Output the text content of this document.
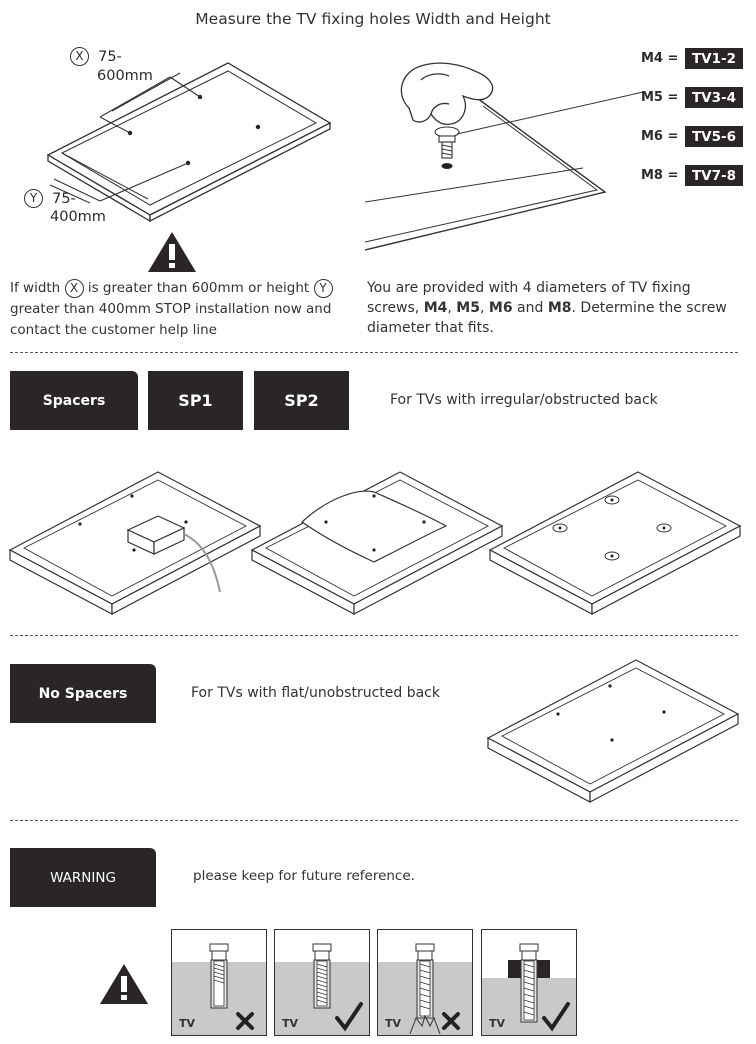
Measure the TV fixing holes Width and Height
X 75-
600mm
Y 75-
400mm
If width X is greater than 600mm or height Y
greater than 400mm STOP installation now and
contact the customer help line
M4 =	TV1-2
M5 =	TV3-4
M6 =	TV5-6
M8 =	TV7-8
You are provided with 4 diameters of TV fixing
screws, M4, M5, M6 and M8. Determine the screw
diameter that fits.
Spacers	SP1	SP2	For TVs with irregular/obstructed back
No Spacers	For TVs with flat/unobstructed back
WARNING	please keep for future reference.
TV	TV	TV	TV
